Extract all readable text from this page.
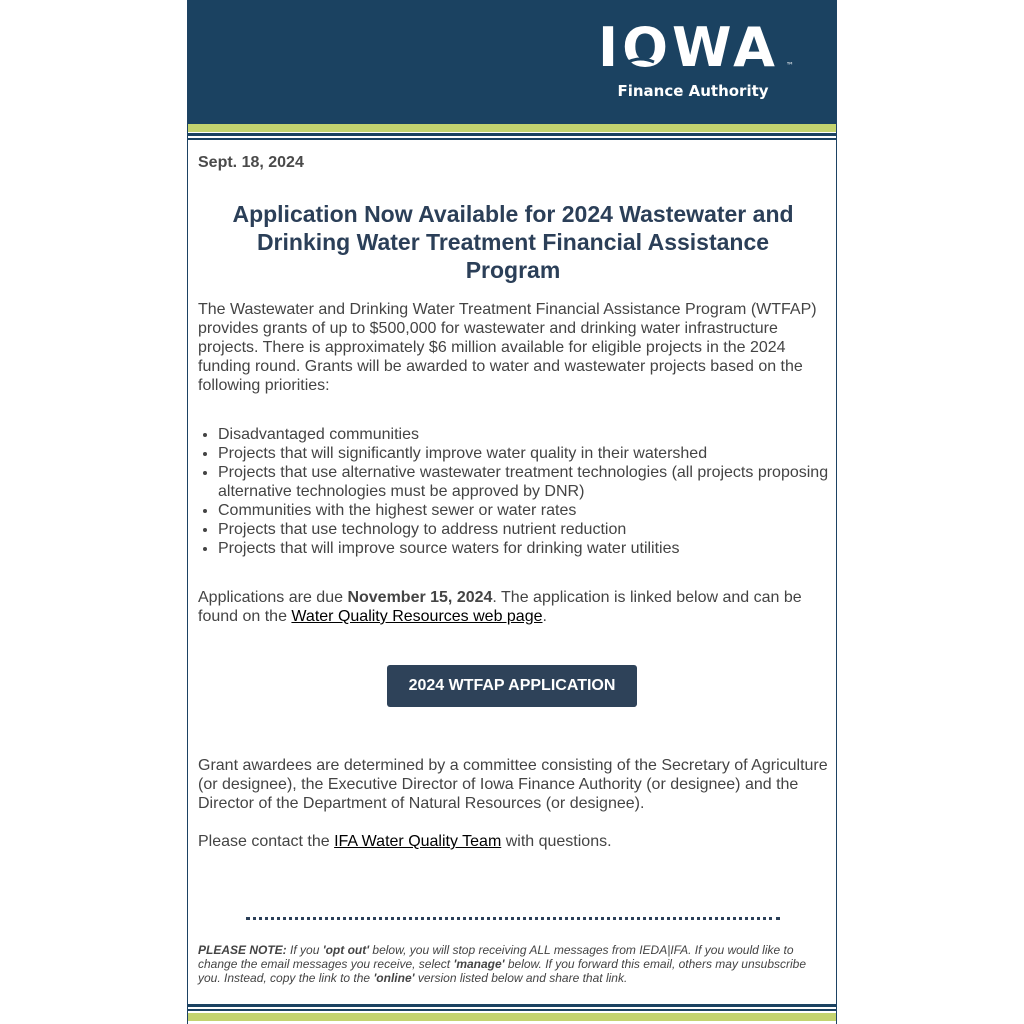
IOWA ™
Finance Authority
Sept. 18, 2024
Application Now Available for 2024 Wastewater and Drinking Water Treatment Financial Assistance Program

The Wastewater and Drinking Water Treatment Financial Assistance Program (WTFAP) provides grants of up to $500,000 for wastewater and drinking water infrastructure projects. There is approximately $6 million available for eligible projects in the 2024 funding round. Grants will be awarded to water and wastewater projects based on the following priorities:

• Disadvantaged communities
• Projects that will significantly improve water quality in their watershed
• Projects that use alternative wastewater treatment technologies (all projects proposing alternative technologies must be approved by DNR)
• Communities with the highest sewer or water rates
• Projects that use technology to address nutrient reduction
• Projects that will improve source waters for drinking water utilities

Applications are due November 15, 2024. The application is linked below and can be found on the Water Quality Resources web page.

2024 WTFAP APPLICATION

Grant awardees are determined by a committee consisting of the Secretary of Agriculture (or designee), the Executive Director of Iowa Finance Authority (or designee) and the Director of the Department of Natural Resources (or designee).

Please contact the IFA Water Quality Team with questions.

PLEASE NOTE: If you 'opt out' below, you will stop receiving ALL messages from IEDA|IFA. If you would like to change the email messages you receive, select 'manage' below. If you forward this email, others may unsubscribe you. Instead, copy the link to the 'online' version listed below and share that link.
